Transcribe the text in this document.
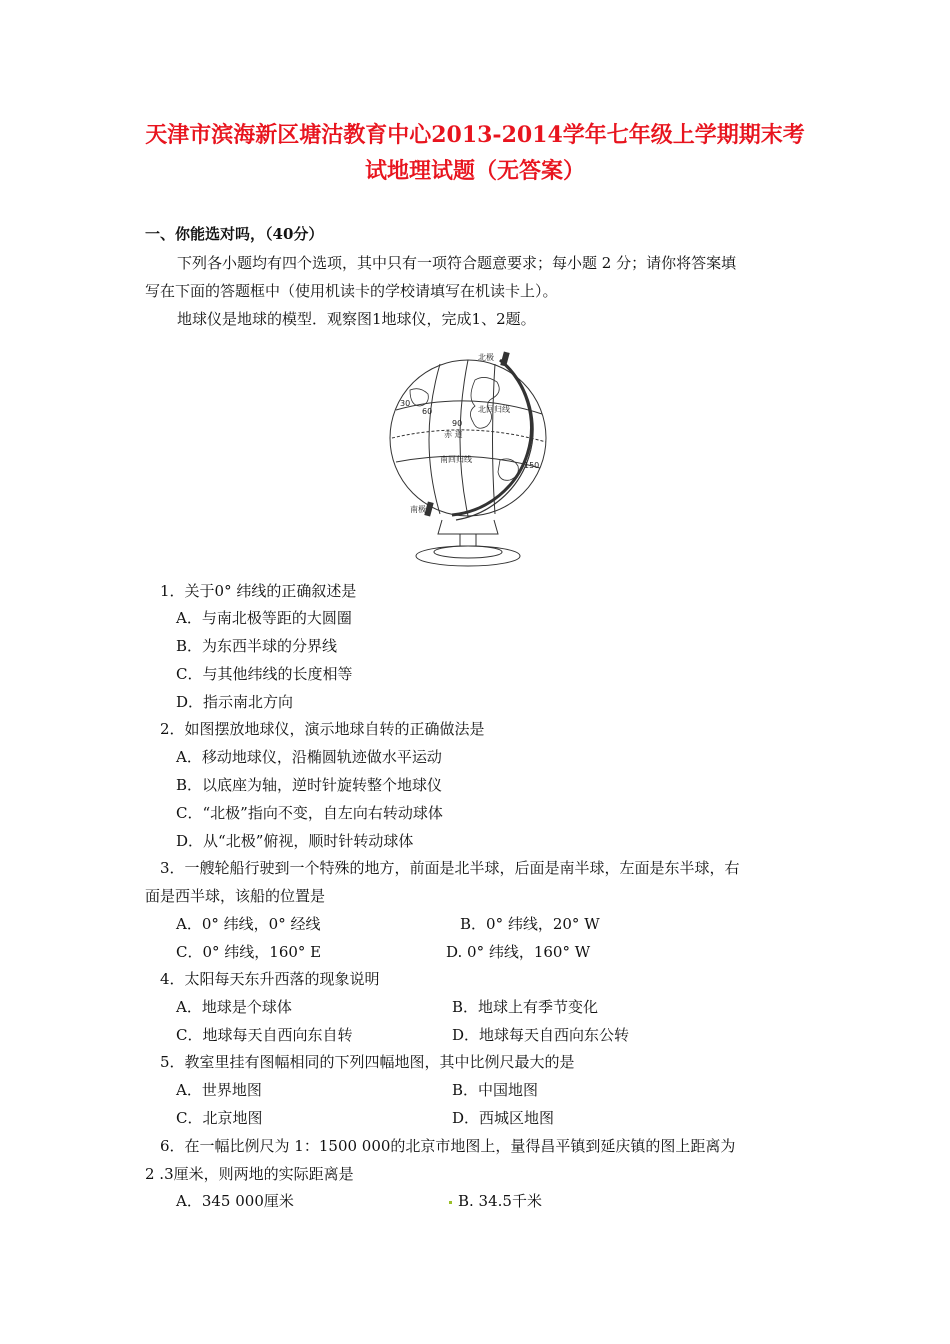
天津市滨海新区塘沽教育中心2013-2014学年七年级上学期期末考
试地理试题（无答案）
一、你能选对吗，（40分）
下列各小题均有四个选项，其中只有一项符合题意要求；每小题 2 分；请你将答案填
写在下面的答题框中（使用机读卡的学校请填写在机读卡上）。
地球仪是地球的模型．观察图1地球仪，完成1、2题。
北极
南极
北回归线
南回归线
赤 道
30
60
90
150
1．关于0° 纬线的正确叙述是
A．与南北极等距的大圆圈
B．为东西半球的分界线
C．与其他纬线的长度相等
D．指示南北方向
2．如图摆放地球仪，演示地球自转的正确做法是
A．移动地球仪，沿椭圆轨迹做水平运动
B．以底座为轴，逆时针旋转整个地球仪
C．“北极”指向不变，自左向右转动球体
D．从“北极”俯视，顺时针转动球体
3．一艘轮船行驶到一个特殊的地方，前面是北半球，后面是南半球，左面是东半球，右
面是西半球，该船的位置是
A．0° 纬线，0° 经线	B．0° 纬线，20° W
C．0° 纬线，160° E	D. 0° 纬线，160° W
4．太阳每天东升西落的现象说明
A．地球是个球体	B．地球上有季节变化
C．地球每天自西向东自转	D．地球每天自西向东公转
5．教室里挂有图幅相同的下列四幅地图，其中比例尺最大的是
A．世界地图	B．中国地图
C．北京地图	D．西城区地图
6．在一幅比例尺为 1：1500 000的北京市地图上，量得昌平镇到延庆镇的图上距离为
2 .3厘米，则两地的实际距离是
A．345 000厘米	B. 34.5千米
